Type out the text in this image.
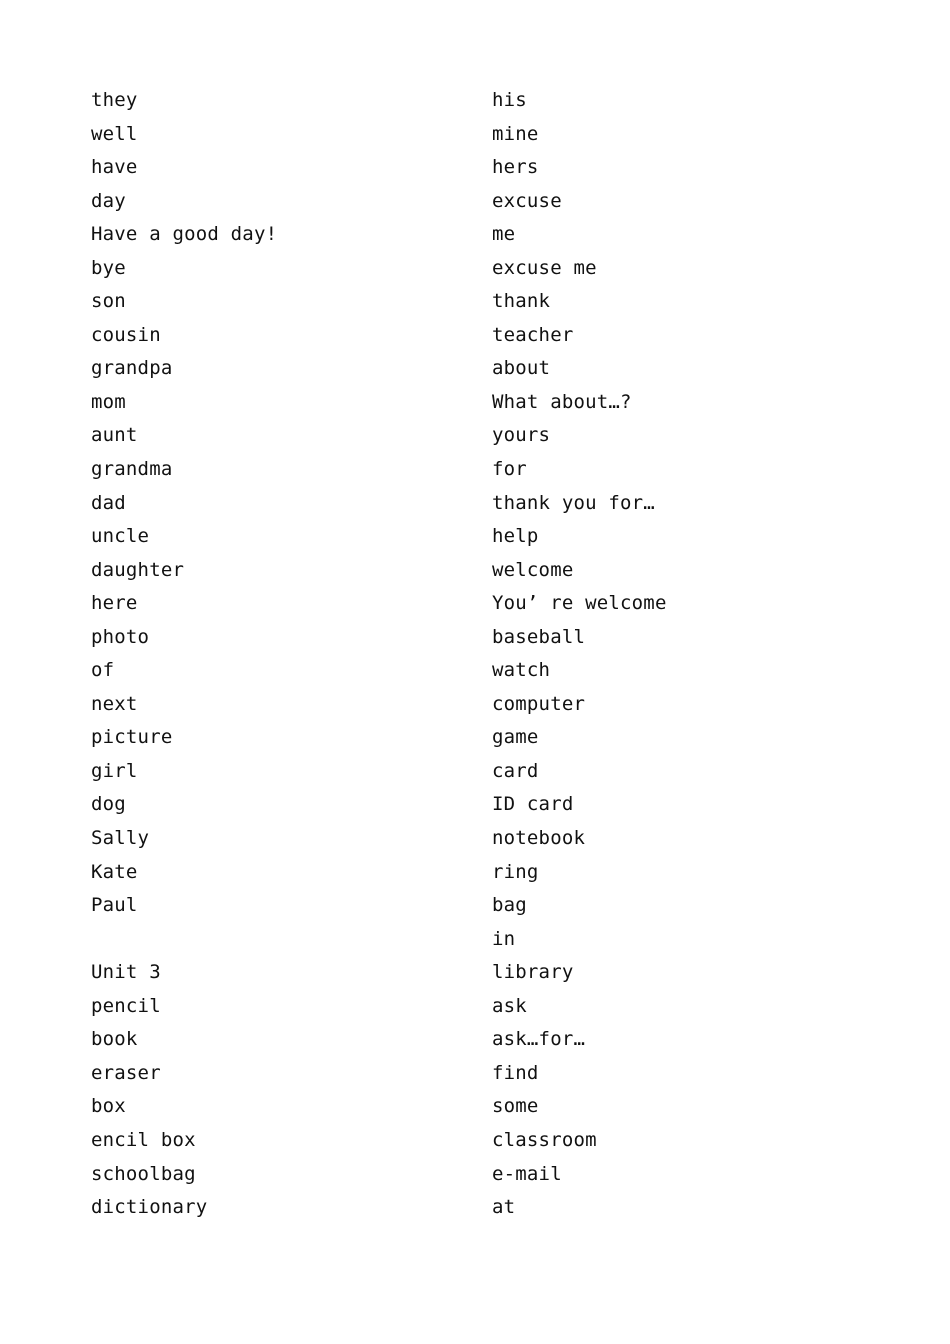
they
well
have
day
Have a good day!
bye
son
cousin
grandpa
mom
aunt
grandma
dad
uncle
daughter
here
photo
of
next
picture
girl
dog
Sally
Kate
Paul
Unit 3
pencil
book
eraser
box
encil box
schoolbag
dictionary
his
mine
hers
excuse
me
excuse me
thank
teacher
about
What about…?
yours
for
thank you for…
help
welcome
You’ re welcome
baseball
watch
computer
game
card
ID card
notebook
ring
bag
in
library
ask
ask…for…
find
some
classroom
e-mail
at
